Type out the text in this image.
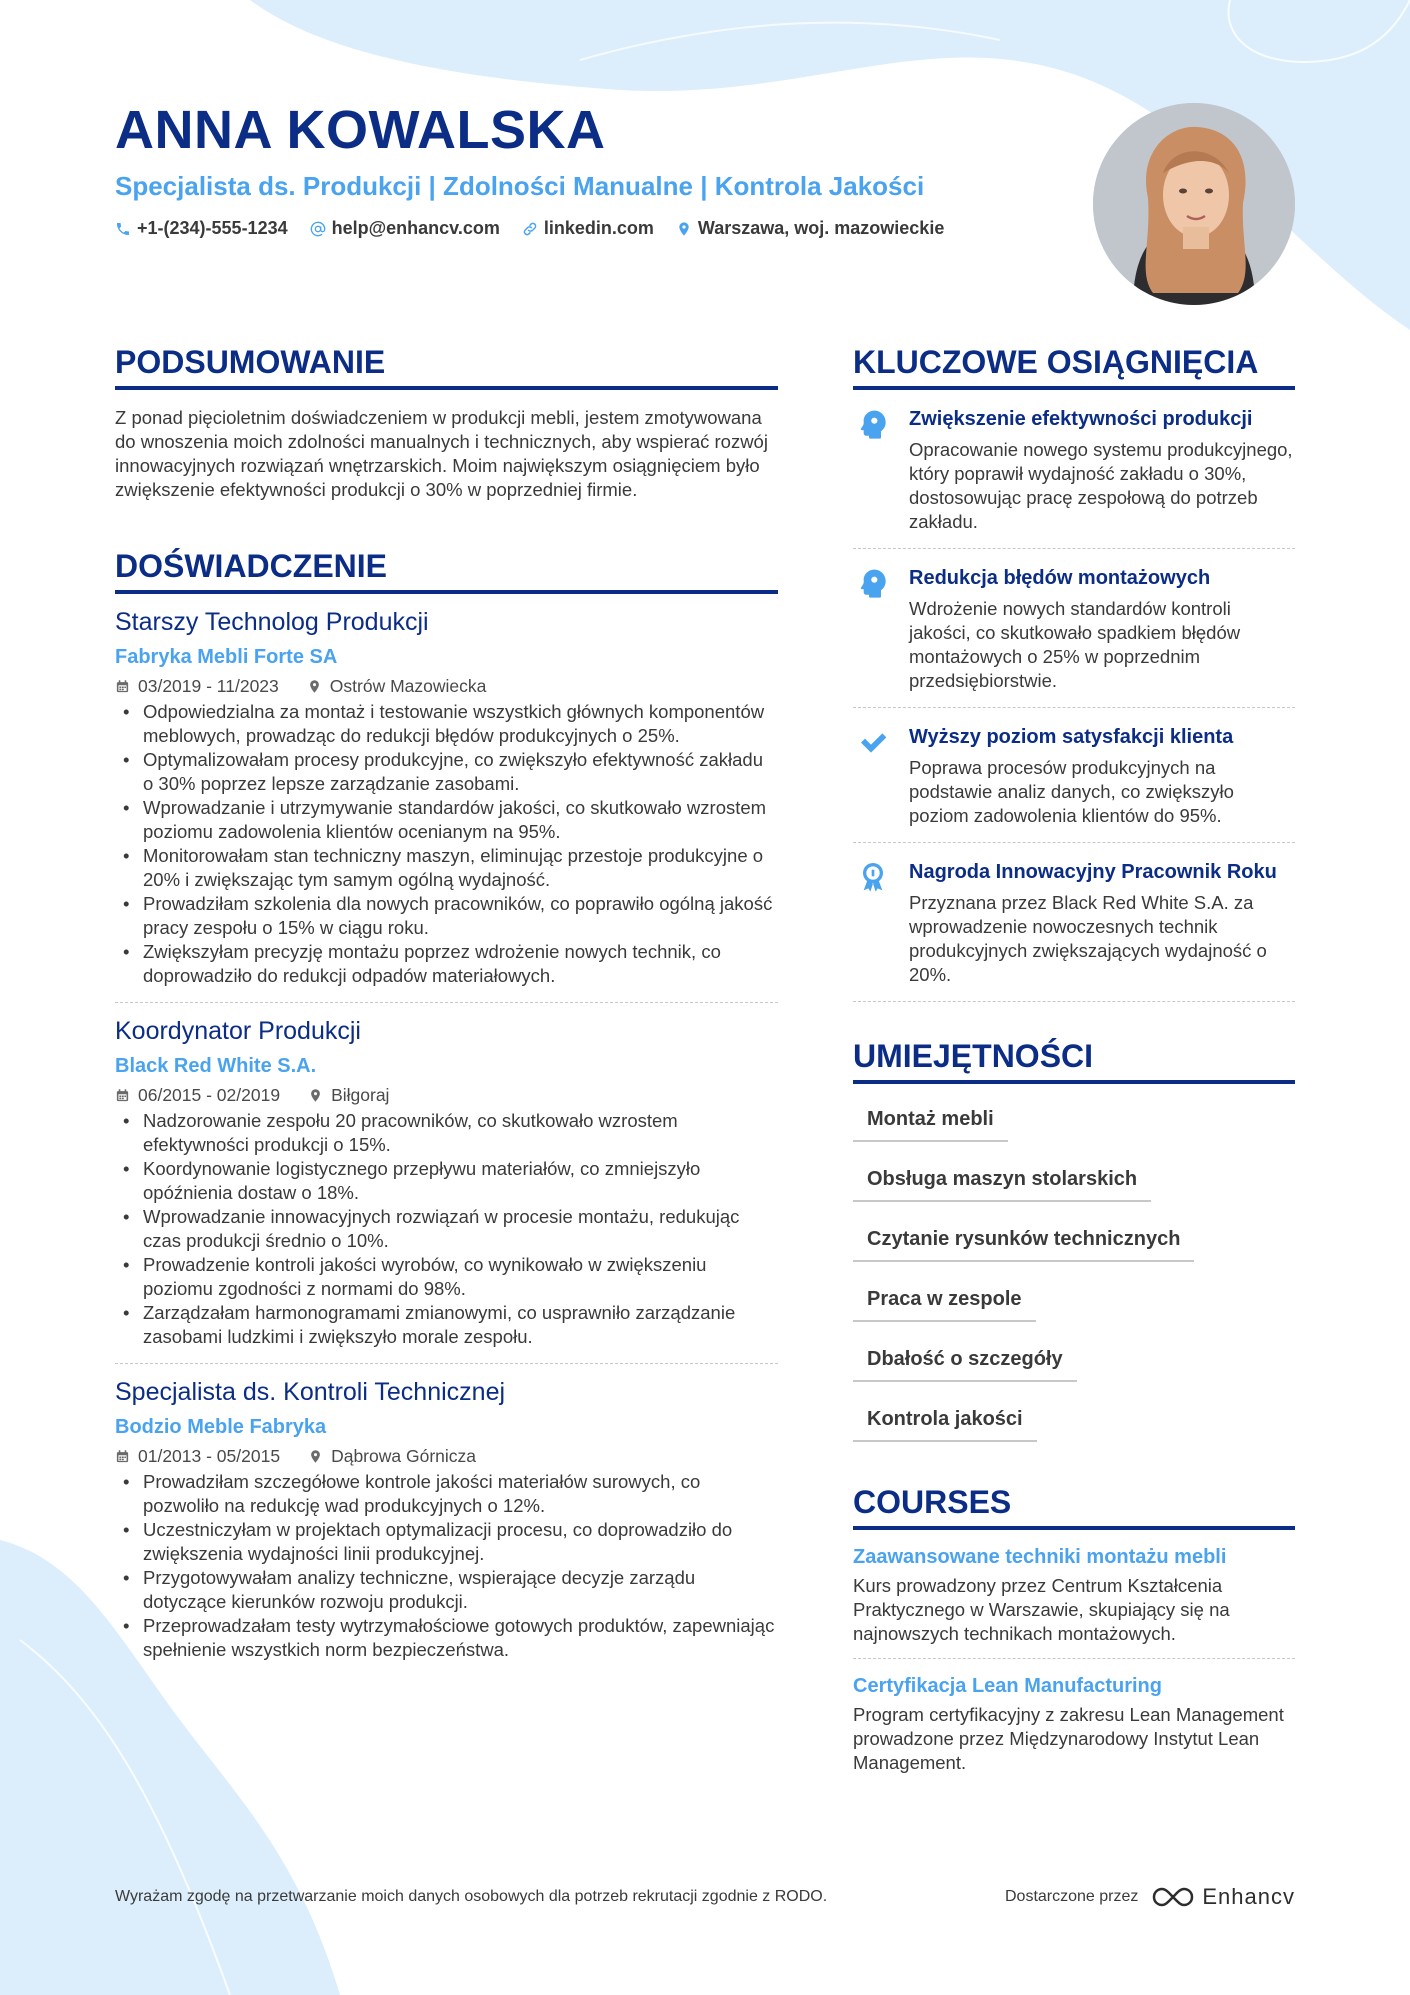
ANNA KOWALSKA
Specjalista ds. Produkcji | Zdolności Manualne | Kontrola Jakości
+1-(234)-555-1234 help@enhancv.com linkedin.com Warszawa, woj. mazowieckie
PODSUMOWANIE

Z ponad pięcioletnim doświadczeniem w produkcji mebli, jestem zmotywowana do wnoszenia moich zdolności manualnych i technicznych, aby wspierać rozwój innowacyjnych rozwiązań wnętrzarskich. Moim największym osiągnięciem było zwiększenie efektywności produkcji o 30% w poprzedniej firmie.

DOŚWIADCZENIE
Starszy Technolog Produkcji
Fabryka Mebli Forte SA
03/2019 - 11/2023	Ostrów Mazowiecka
• Odpowiedzialna za montaż i testowanie wszystkich głównych komponentów meblowych, prowadząc do redukcji błędów produkcyjnych o 25%.
• Optymalizowałam procesy produkcyjne, co zwiększyło efektywność zakładu o 30% poprzez lepsze zarządzanie zasobami.
• Wprowadzanie i utrzymywanie standardów jakości, co skutkowało wzrostem poziomu zadowolenia klientów ocenianym na 95%.
• Monitorowałam stan techniczny maszyn, eliminując przestoje produkcyjne o 20% i zwiększając tym samym ogólną wydajność.
• Prowadziłam szkolenia dla nowych pracowników, co poprawiło ogólną jakość pracy zespołu o 15% w ciągu roku.
• Zwiększyłam precyzję montażu poprzez wdrożenie nowych technik, co doprowadziło do redukcji odpadów materiałowych.
Koordynator Produkcji
Black Red White S.A.
06/2015 - 02/2019	Biłgoraj
• Nadzorowanie zespołu 20 pracowników, co skutkowało wzrostem efektywności produkcji o 15%.
• Koordynowanie logistycznego przepływu materiałów, co zmniejszyło opóźnienia dostaw o 18%.
• Wprowadzanie innowacyjnych rozwiązań w procesie montażu, redukując czas produkcji średnio o 10%.
• Prowadzenie kontroli jakości wyrobów, co wynikowało w zwiększeniu poziomu zgodności z normami do 98%.
• Zarządzałam harmonogramami zmianowymi, co usprawniło zarządzanie zasobami ludzkimi i zwiększyło morale zespołu.
Specjalista ds. Kontroli Technicznej
Bodzio Meble Fabryka
01/2013 - 05/2015	Dąbrowa Górnicza
• Prowadziłam szczegółowe kontrole jakości materiałów surowych, co pozwoliło na redukcję wad produkcyjnych o 12%.
• Uczestniczyłam w projektach optymalizacji procesu, co doprowadziło do zwiększenia wydajności linii produkcyjnej.
• Przygotowywałam analizy techniczne, wspierające decyzje zarządu dotyczące kierunków rozwoju produkcji.
• Przeprowadzałam testy wytrzymałościowe gotowych produktów, zapewniając spełnienie wszystkich norm bezpieczeństwa.
KLUCZOWE OSIĄGNIĘCIA
Zwiększenie efektywności produkcji
Opracowanie nowego systemu produkcyjnego, który poprawił wydajność zakładu o 30%, dostosowując pracę zespołową do potrzeb zakładu.
Redukcja błędów montażowych
Wdrożenie nowych standardów kontroli jakości, co skutkowało spadkiem błędów montażowych o 25% w poprzednim przedsiębiorstwie.
Wyższy poziom satysfakcji klienta
Poprawa procesów produkcyjnych na podstawie analiz danych, co zwiększyło poziom zadowolenia klientów do 95%.
Nagroda Innowacyjny Pracownik Roku
Przyznana przez Black Red White S.A. za wprowadzenie nowoczesnych technik produkcyjnych zwiększających wydajność o 20%.
UMIEJĘTNOŚCI
Montaż mebli
Obsługa maszyn stolarskich
Czytanie rysunków technicznych
Praca w zespole
Dbałość o szczegóły
Kontrola jakości
COURSES
Zaawansowane techniki montażu mebli
Kurs prowadzony przez Centrum Kształcenia Praktycznego w Warszawie, skupiający się na najnowszych technikach montażowych.
Certyfikacja Lean Manufacturing
Program certyfikacyjny z zakresu Lean Management prowadzone przez Międzynarodowy Instytut Lean Management.
Wyrażam zgodę na przetwarzanie moich danych osobowych dla potrzeb rekrutacji zgodnie z RODO.	Dostarczone przez	Enhancv
